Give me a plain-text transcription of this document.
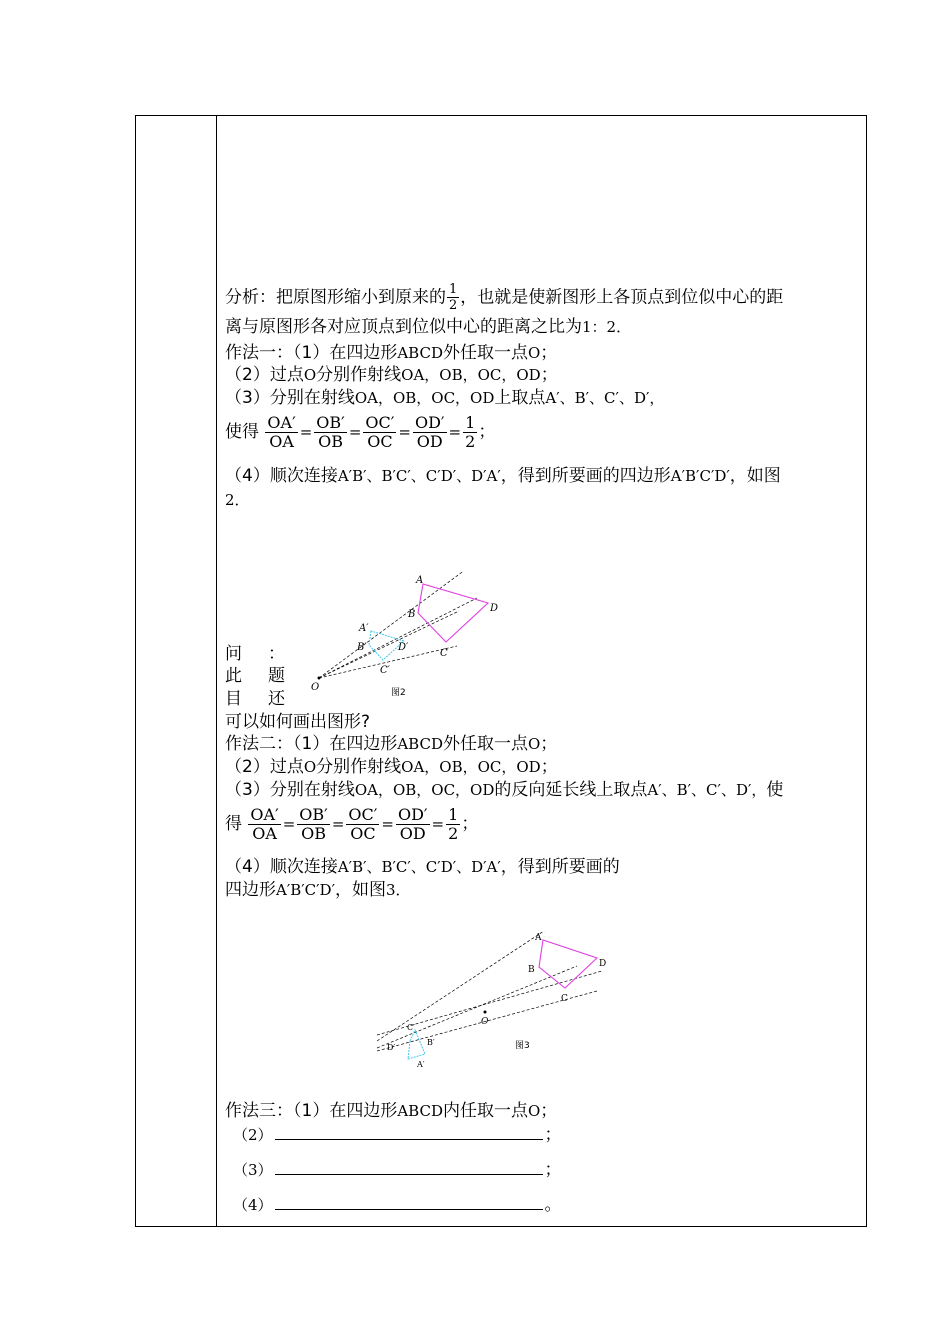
分析：把原图形缩小到原来的 $\frac{1}{2}$ ，也就是使新图形上各顶点到位似中心的距
离与原图形各对应顶点到位似中心的距离之比为1：2．
作法一：（1）在四边形ABCD外任取一点O；
（2）过点O分别作射线OA，OB，OC，OD；
（3）分别在射线OA，OB，OC，OD上取点A′、B′、C′、D′，
使得 $\frac{OA'}{OA} = \frac{OB'}{OB} = \frac{OC'}{OC} = \frac{OD'}{OD} = \frac{1}{2}$ ；
（4）顺次连接A′B′、B′C′、C′D′、D′A′，得到所要画的四边形A′B′C′D′，如图
2．
A
B
C
D
A′
B′
C′
D′
O	图2
问 ：
此 题
目 还
可以如何画出图形?
作法二：（1）在四边形ABCD外任取一点O；
（2）过点O分别作射线OA，OB，OC，OD；
（3）分别在射线OA，OB，OC，OD的反向延长线上取点A′、B′、C′、D′，使
得 $\frac{OA'}{OA} = \frac{OB'}{OB} = \frac{OC'}{OC} = \frac{OD'}{OD} = \frac{1}{2}$ ；
（4）顺次连接A′B′、B′C′、C′D′、D′A′，得到所要画的
四边形A′B′C′D′，如图3．
A
B
C
D
A′
B′
C′
D′
O
图3
作法三：（1）在四边形ABCD内任取一点O；
（2）	；
（3）	；
（4）	。
